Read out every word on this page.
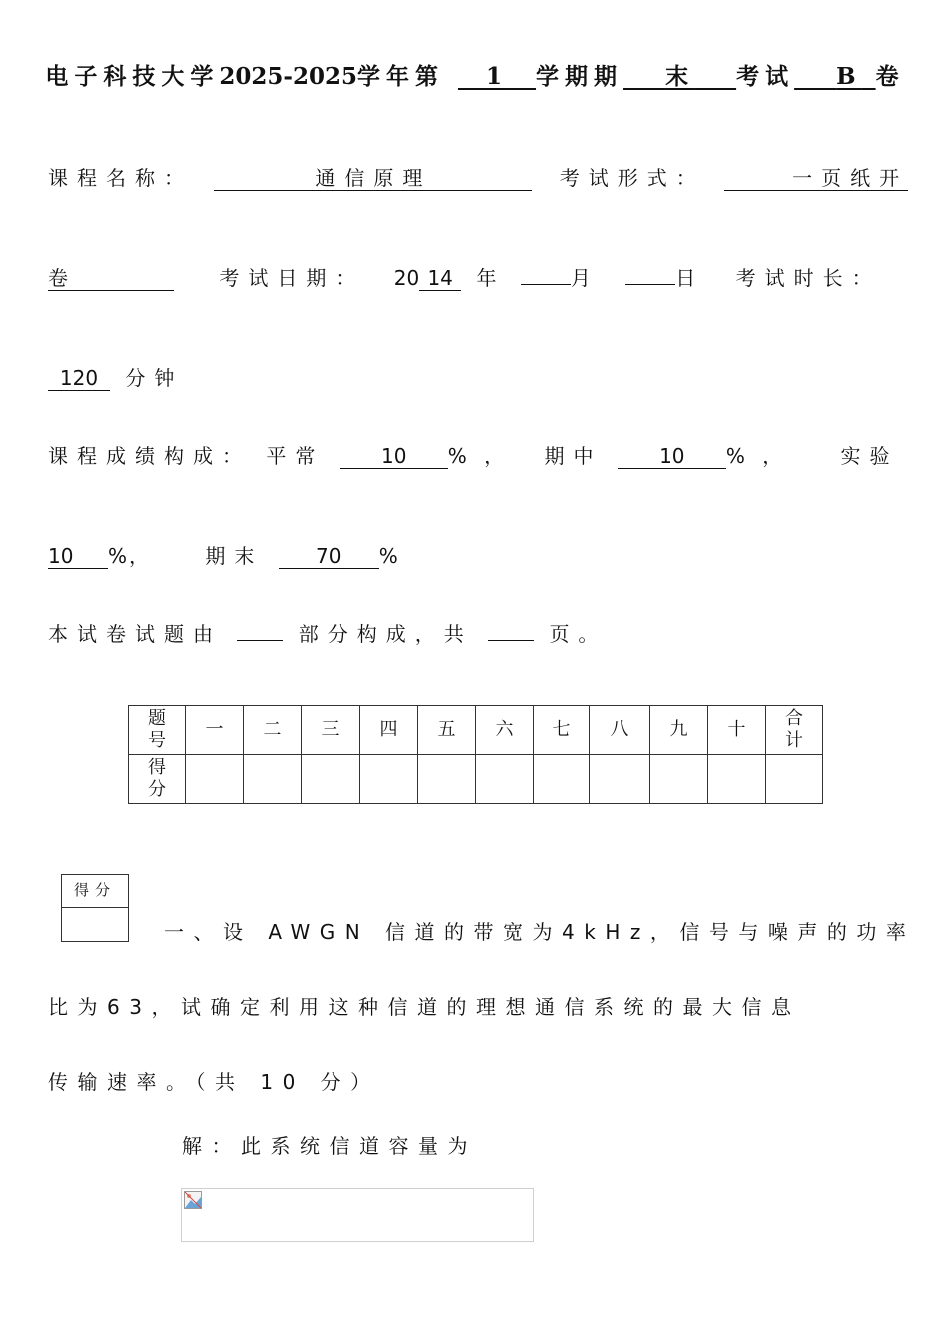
电子科技大学2025-2025学年第 1 学期期 末 考试 B 卷
课程名称：	通信原理	考试形式：	一页纸开
卷	考试日期： 20 14 年	月	日 考试时长：
120 分钟
课程成绩构成： 平常	10 % ， 期中	10 % ， 实验
10 %， 期末	70 %
本试卷试题由	部分构成，共	页。
题号	一	二	三	四	五	六	七	八	九	十	合计
得分											
得分
一、设 AWGN 信道的带宽为4kHz，信号与噪声的功率
比为63，试确定利用这种信道的理想通信系统的最大信息
传输速率。（共 10 分）
解：此系统信道容量为
